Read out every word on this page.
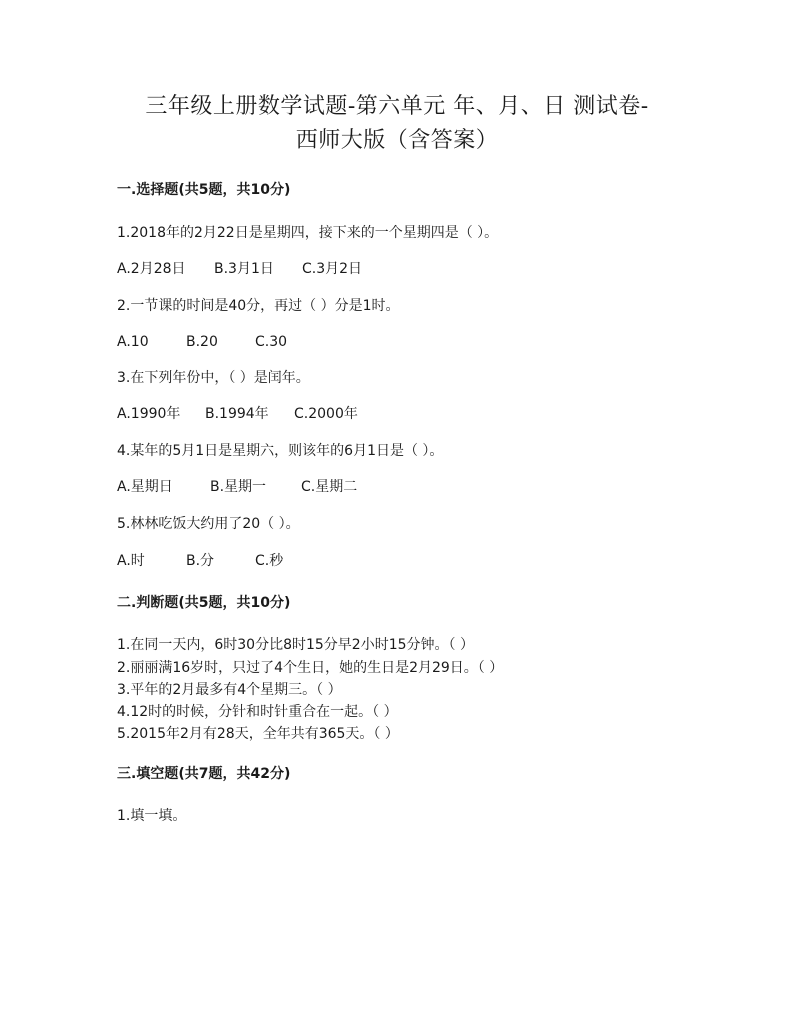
三年级上册数学试题-第六单元 年、月、日 测试卷-
西师大版（含答案）
一.选择题(共5题，共10分)
1.2018年的2月22日是星期四，接下来的一个星期四是（ ）。
A.2月28日	B.3月1日	C.3月2日
2.一节课的时间是40分，再过（ ）分是1时。
A.10	B.20	C.30
3.在下列年份中，（ ）是闰年。
A.1990年	B.1994年	C.2000年
4.某年的5月1日是星期六，则该年的6月1日是（ ）。
A.星期日	B.星期一	C.星期二
5.林林吃饭大约用了20（ ）。
A.时	B.分	C.秒
二.判断题(共5题，共10分)
1.在同一天内，6时30分比8时15分早2小时15分钟。（ ）
2.丽丽满16岁时，只过了4个生日，她的生日是2月29日。（ ）
3.平年的2月最多有4个星期三。（ ）
4.12时的时候，分针和时针重合在一起。（ ）
5.2015年2月有28天，全年共有365天。（ ）
三.填空题(共7题，共42分)
1.填一填。
